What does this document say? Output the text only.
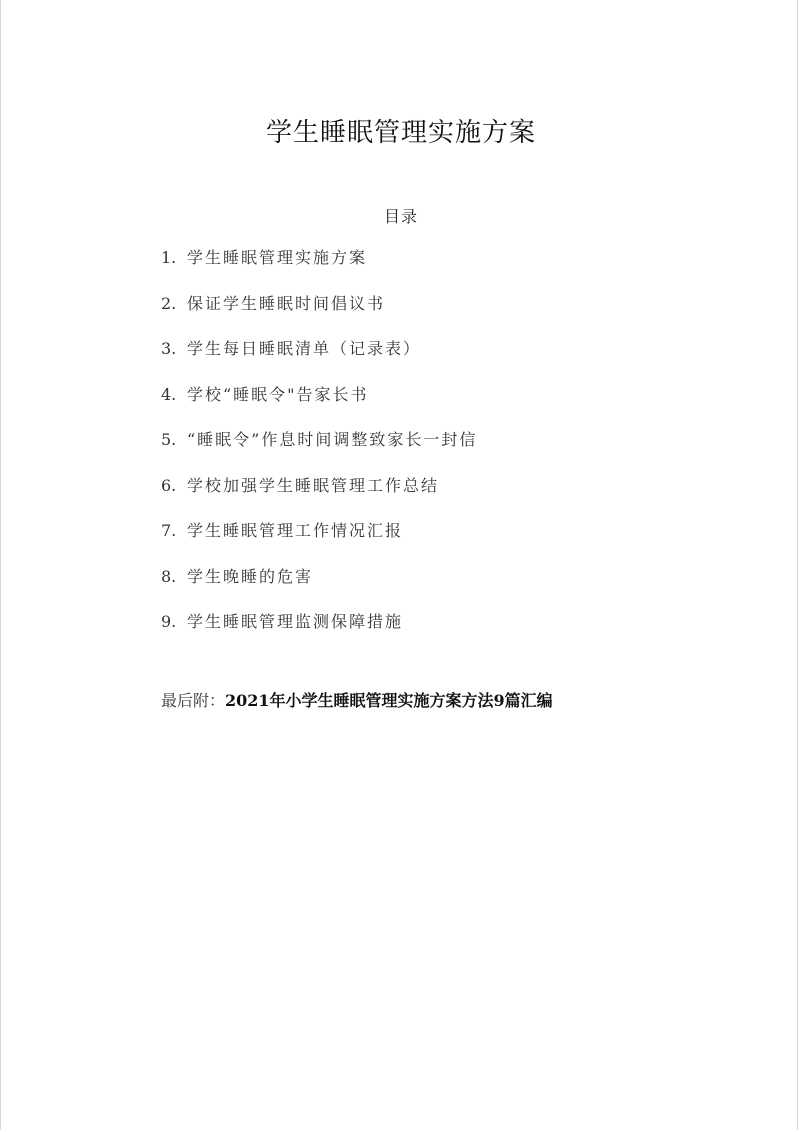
学生睡眠管理实施方案
目录
1. 学生睡眠管理实施方案
2. 保证学生睡眠时间倡议书
3. 学生每日睡眠清单（记录表）
4. 学校“睡眠令"告家长书
5. “睡眠令”作息时间调整致家长一封信
6. 学校加强学生睡眠管理工作总结
7. 学生睡眠管理工作情况汇报
8. 学生晚睡的危害
9. 学生睡眠管理监测保障措施
最后附：2021年小学生睡眠管理实施方案方法9篇汇编
